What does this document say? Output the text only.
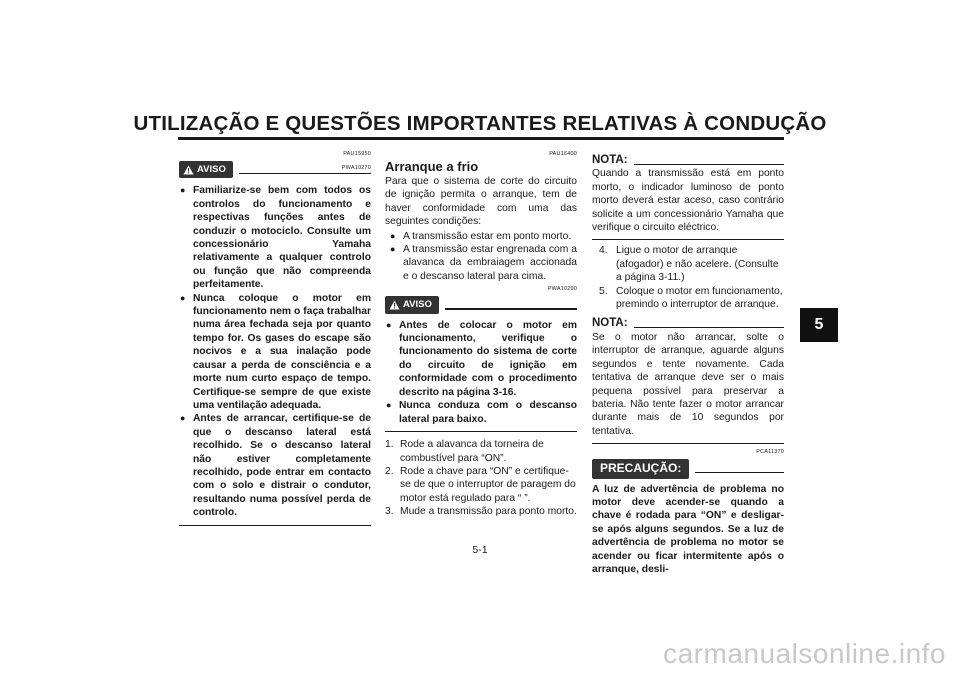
UTILIZAÇÃO E QUESTÕES IMPORTANTES RELATIVAS À CONDUÇÃO
5
PAU15950
AVISO	PWA10270
● Familiarize-se bem com todos os controlos do funcionamento e respectivas funções antes de conduzir o motociclo. Consulte um concessionário Yamaha relativamente a qualquer controlo ou função que não compreenda perfeitamente.
● Nunca coloque o motor em funcionamento nem o faça trabalhar numa área fechada seja por quanto tempo for. Os gases do escape são nocivos e a sua inalação pode causar a perda de consciência e a morte num curto espaço de tempo. Certifique-se sempre de que existe uma ventilação adequada.
● Antes de arrancar, certifique-se de que o descanso lateral está recolhido. Se o descanso lateral não estiver completamente recolhido, pode entrar em contacto com o solo e distrair o condutor, resultando numa possível perda de controlo.
PAU16400
Arranque a frio
Para que o sistema de corte do circuito de ignição permita o arranque, tem de haver conformidade com uma das seguintes condições:
● A transmissão estar em ponto morto.
● A transmissão estar engrenada com a alavanca da embraiagem accionada e o descanso lateral para cima.
PWA10290
AVISO
● Antes de colocar o motor em funcionamento, verifique o funcionamento do sistema de corte do circuito de ignição em conformidade com o procedimento descrito na página 3-16.
● Nunca conduza com o descanso lateral para baixo.
1. Rode a alavanca da torneira de combustível para “ON”.
2. Rode a chave para “ON” e certifique-se de que o interruptor de paragem do motor está regulado para “ ”.
3. Mude a transmissão para ponto morto.
NOTA:
Quando a transmissão está em ponto morto, o indicador luminoso de ponto morto deverá estar aceso, caso contrário solicite a um concessionário Yamaha que verifique o circuito eléctrico.
4. Ligue o motor de arranque (afogador) e não acelere. (Consulte a página 3-11.)
5. Coloque o motor em funcionamento, premindo o interruptor de arranque.
NOTA:
Se o motor não arrancar, solte o interruptor de arranque, aguarde alguns segundos e tente novamente. Cada tentativa de arranque deve ser o mais pequena possível para preservar a bateria. Não tente fazer o motor arrancar durante mais de 10 segundos por tentativa.
PCA11370
PRECAUÇÃO:
A luz de advertência de problema no motor deve acender-se quando a chave é rodada para “ON” e desligar-se após alguns segundos. Se a luz de advertência de problema no motor se acender ou ficar intermitente após o arranque, desli-
5-1
carmanualsonline.info
